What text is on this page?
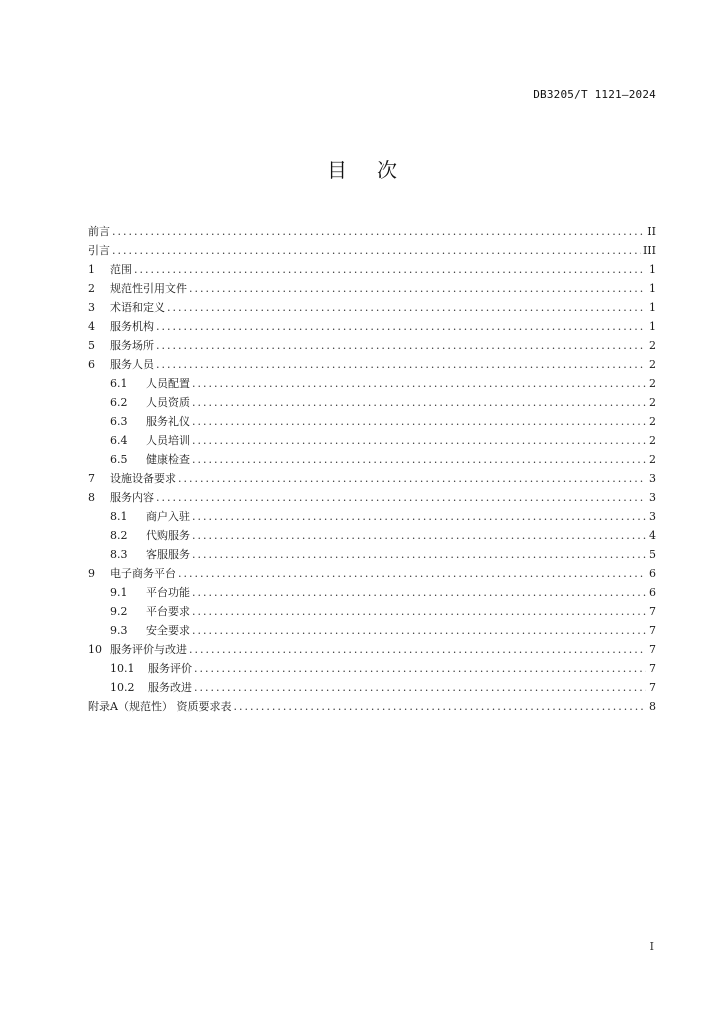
DB3205/T 1121—2024
目次
前言 .....	II
引言 .....	III
1	范围 .....	1
2	规范性引用文件 .....	1
3	术语和定义 .....	1
4	服务机构 .....	1
5	服务场所 .....	2
6	服务人员 .....	2
6.1	人员配置 .....	2
6.2	人员资质 .....	2
6.3	服务礼仪 .....	2
6.4	人员培训 .....	2
6.5	健康检查 .....	2
7	设施设备要求 .....	3
8	服务内容 .....	3
8.1	商户入驻 .....	3
8.2	代购服务 .....	4
8.3	客服服务 .....	5
9	电子商务平台 .....	6
9.1	平台功能 .....	6
9.2	平台要求 .....	7
9.3	安全要求 .....	7
10 服务评价与改进 .....	7
10.1	服务评价 .....	7
10.2	服务改进 .....	7
附录A（规范性） 资质要求表 .....	8
I
